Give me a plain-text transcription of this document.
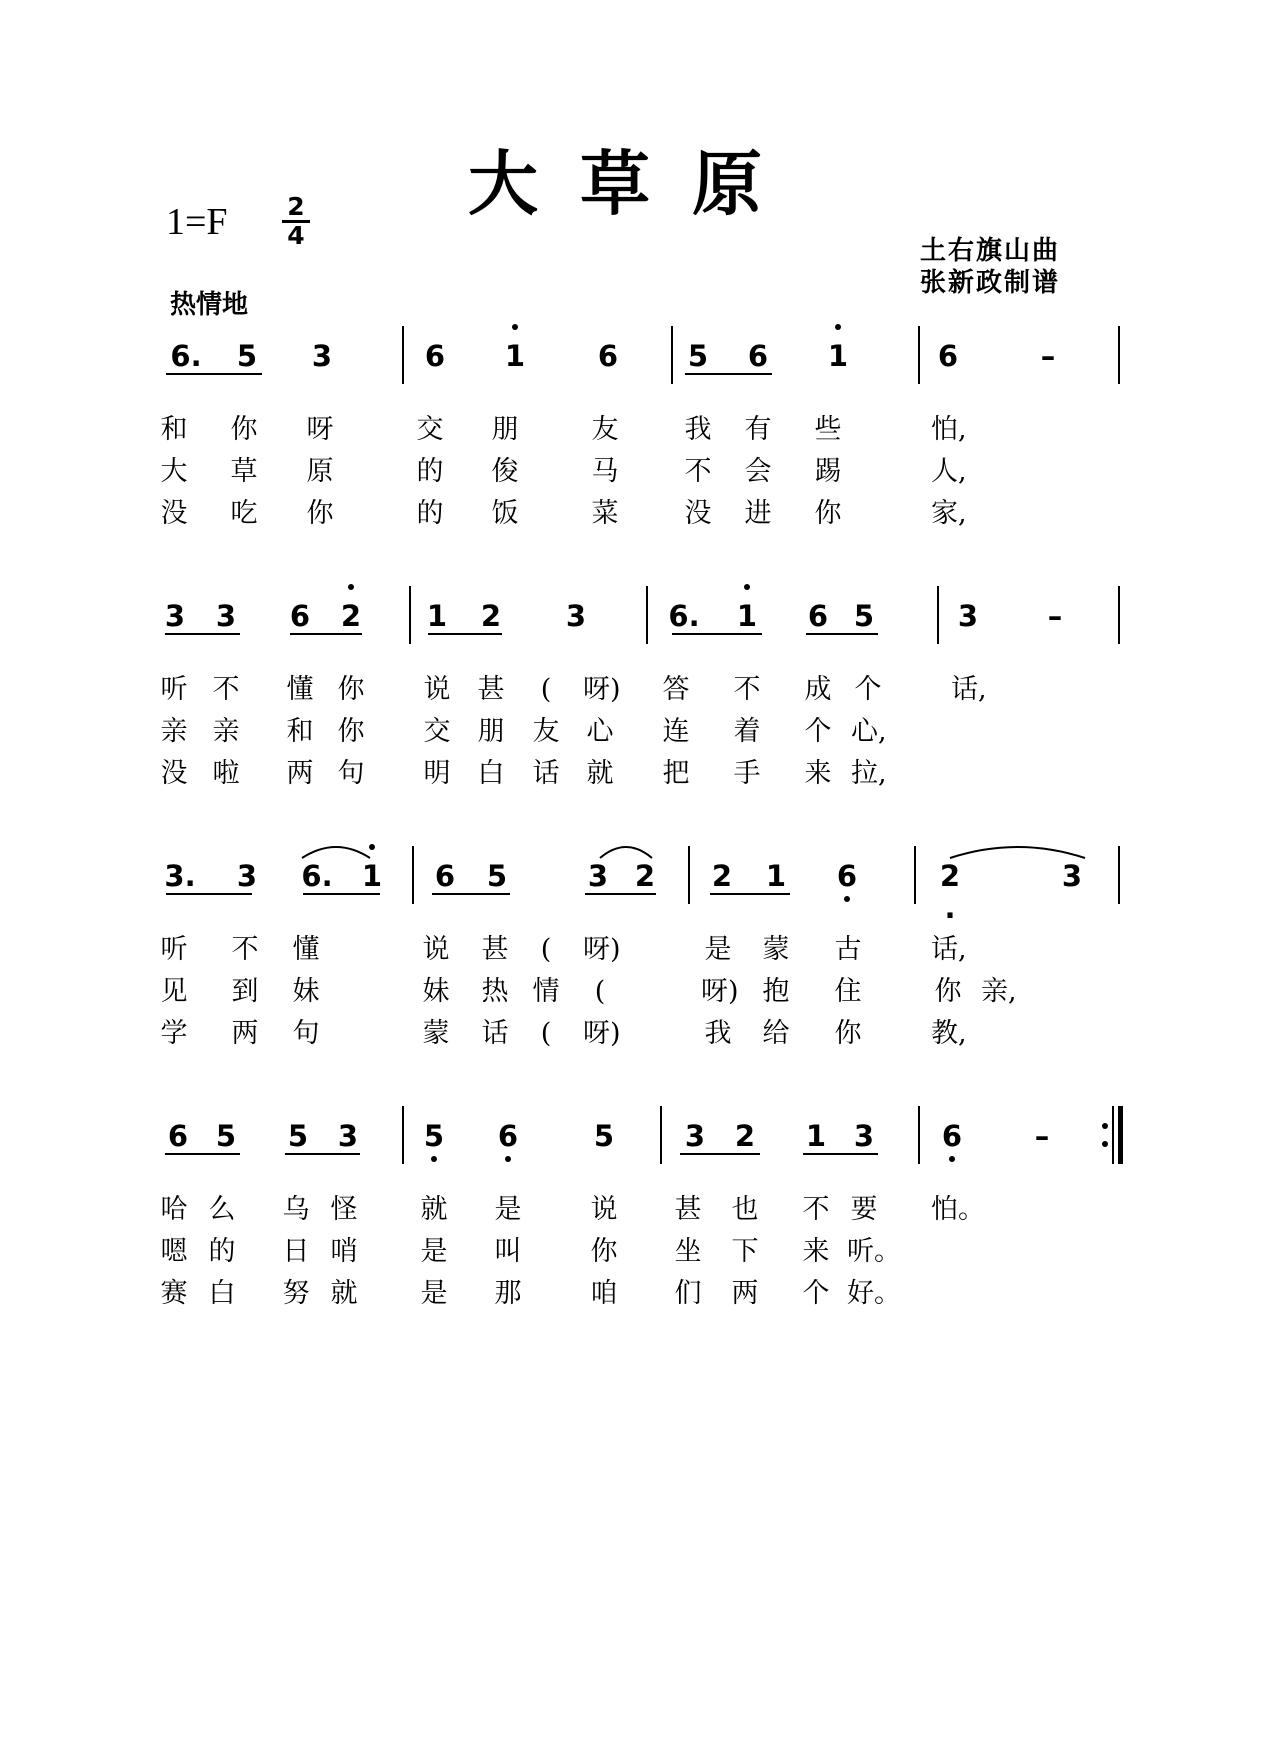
大草原
1=F 2
4
热情地
土右旗山曲
张新政制谱
6. 5 3	6 1	6 5 6 1	6	–
和 你 呀	交 朋	友 我 有 些	怕,
大 草 原	的 俊	马 不 会 踢	人,
没 吃 你	的 饭	菜 没 进 你	家,
3 3 6 2 1 2 3	6. 1 6 5	3	–
听 不 懂 你 说 甚	(	呀) 答 不 成 个	话,
亲 亲 和 你 交 朋 友 心 连 着 个 心,
没 啦 两 句 明 白 话 就 把 手 来 拉,
3. 3 6. 1 6 5	3 2 2 1 6	2 .
3
听 不 懂	说 甚	(	呀)	是 蒙 古	话,
见 到 妹	妹 热 情	(	呀) 抱 住	你 亲,
学 两 句	蒙 话	(	呀)	我 给 你	教,
6 5 5 3 5 6	5 3 2 1 3 6	–
哈 么 乌 怪 就 是	说 甚 也 不 要 怕。
嗯 的 日 哨 是 叫	你 坐 下 来 听。
赛 白 努 就 是 那	咱 们 两 个 好。
